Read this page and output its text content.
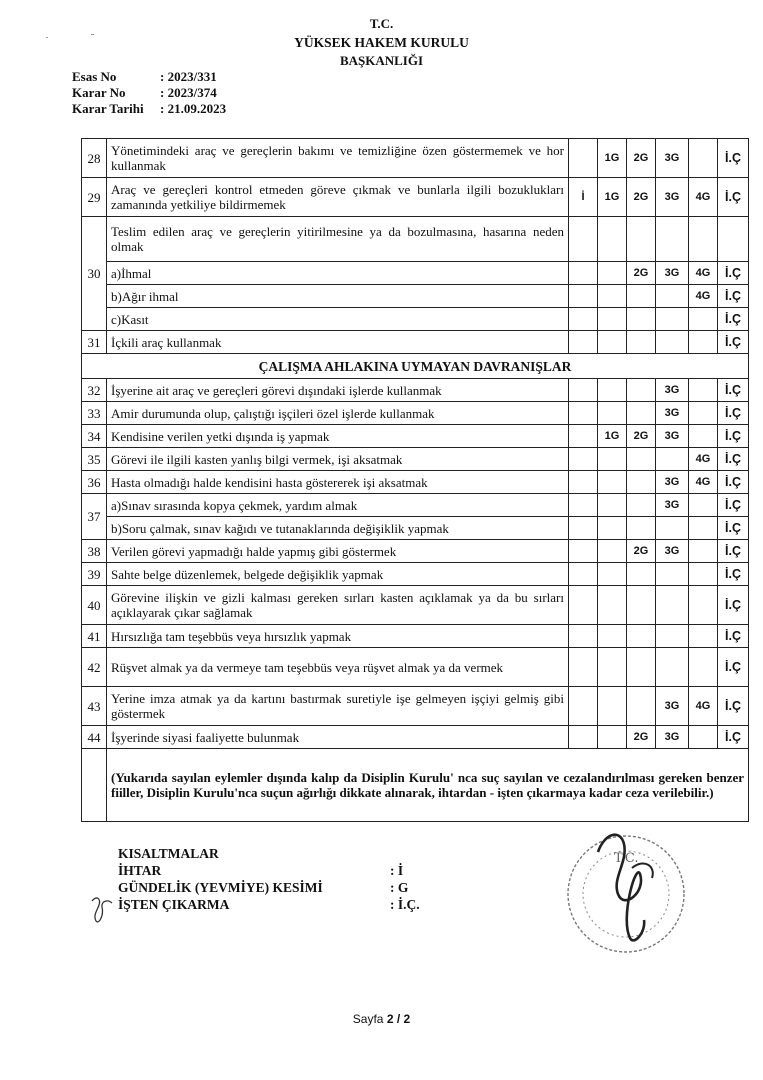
T.C.
YÜKSEK HAKEM KURULU
BAŞKANLIĞI
Esas No	: 2023/331
Karar No	: 2023/374
Karar Tarihi : 21.09.2023
28	Yönetimindeki araç ve gereçlerin bakımı ve temizliğine özen göstermemek ve hor kullanmak		1G	2G	3G		İ.Ç
29	Araç ve gereçleri kontrol etmeden göreve çıkmak ve bunlarla ilgili bozuklukları zamanında yetkiliye bildirmemek	İ	1G	2G	3G	4G	İ.Ç
30	Teslim edilen araç ve gereçlerin yitirilmesine ya da bozulmasına, hasarına neden olmak						
	a)İhmal			2G	3G	4G	İ.Ç
	b)Ağır ihmal					4G	İ.Ç
	c)Kasıt						İ.Ç
31	İçkili araç kullanmak						İ.Ç
ÇALIŞMA AHLAKINA UYMAYAN DAVRANIŞLAR							
32	İşyerine ait araç ve gereçleri görevi dışındaki işlerde kullanmak				3G		İ.Ç
33	Amir durumunda olup, çalıştığı işçileri özel işlerde kullanmak				3G		İ.Ç
34	Kendisine verilen yetki dışında iş yapmak		1G	2G	3G		İ.Ç
35	Görevi ile ilgili kasten yanlış bilgi vermek, işi aksatmak					4G	İ.Ç
36	Hasta olmadığı halde kendisini hasta göstererek işi aksatmak				3G	4G	İ.Ç
37	a)Sınav sırasında kopya çekmek, yardım almak				3G		İ.Ç
	b)Soru çalmak, sınav kağıdı ve tutanaklarında değişiklik yapmak						İ.Ç
38	Verilen görevi yapmadığı halde yapmış gibi göstermek			2G	3G		İ.Ç
39	Sahte belge düzenlemek, belgede değişiklik yapmak						İ.Ç
40	Görevine ilişkin ve gizli kalması gereken sırları kasten açıklamak ya da bu sırları açıklayarak çıkar sağlamak						İ.Ç
41	Hırsızlığa tam teşebbüs veya hırsızlık yapmak						İ.Ç
42	Rüşvet almak ya da vermeye tam teşebbüs veya rüşvet almak ya da vermek						İ.Ç
43	Yerine imza atmak ya da kartını bastırmak suretiyle işe gelmeyen işçiyi gelmiş gibi göstermek				3G	4G	İ.Ç
44	İşyerinde siyasi faaliyette bulunmak			2G	3G		İ.Ç
	(Yukarıda sayılan eylemler dışında kalıp da Disiplin Kurulu' nca suç sayılan ve cezalandırılması gereken benzer fiiller, Disiplin Kurulu'nca suçun ağırlığı dikkate alınarak, ihtardan - işten çıkarmaya kadar ceza verilebilir.)						
KISALTMALAR
İHTAR	: İ
GÜNDELİK (YEVMİYE) KESİMİ	: G
İŞTEN ÇIKARMA	: İ.Ç.
T.C.
Sayfa 2 / 2
